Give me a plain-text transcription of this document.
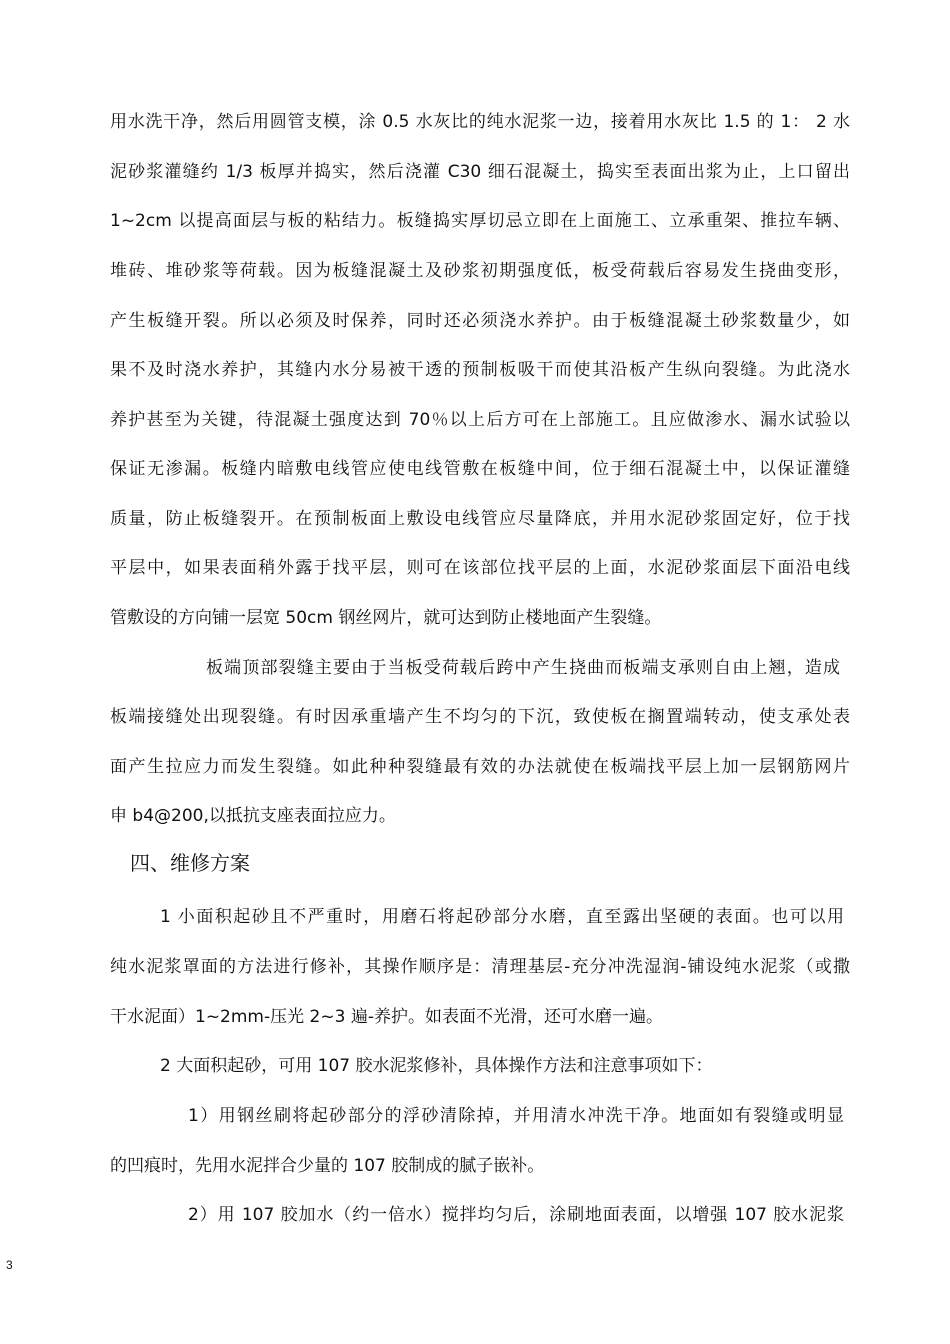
用水洗干净，然后用圆管支模，涂 0.5 水灰比的纯水泥浆一边，接着用水灰比 1.5 的 1： 2 水
泥砂浆灌缝约 1/3 板厚并捣实，然后浇灌 C30 细石混凝土，捣实至表面出浆为止，上口留出
1~2cm 以提高面层与板的粘结力。板缝捣实厚切忌立即在上面施工、立承重架、推拉车辆、
堆砖、堆砂浆等荷载。因为板缝混凝土及砂浆初期强度低，板受荷载后容易发生挠曲变形，
产生板缝开裂。所以必须及时保养，同时还必须浇水养护。由于板缝混凝土砂浆数量少，如
果不及时浇水养护，其缝内水分易被干透的预制板吸干而使其沿板产生纵向裂缝。为此浇水
养护甚至为关键，待混凝土强度达到 70％以上后方可在上部施工。且应做渗水、漏水试验以
保证无渗漏。板缝内暗敷电线管应使电线管敷在板缝中间，位于细石混凝土中，以保证灌缝
质量，防止板缝裂开。在预制板面上敷设电线管应尽量降底，并用水泥砂浆固定好，位于找
平层中，如果表面稍外露于找平层，则可在该部位找平层的上面，水泥砂浆面层下面沿电线
管敷设的方向铺一层宽 50cm 钢丝网片，就可达到防止楼地面产生裂缝。
板端顶部裂缝主要由于当板受荷载后跨中产生挠曲而板端支承则自由上翘，造成
板端接缝处出现裂缝。有时因承重墙产生不均匀的下沉，致使板在搁置端转动，使支承处表
面产生拉应力而发生裂缝。如此种种裂缝最有效的办法就使在板端找平层上加一层钢筋网片
申 b4@200,以抵抗支座表面拉应力。
四、维修方案
1 小面积起砂且不严重时，用磨石将起砂部分水磨，直至露出坚硬的表面。也可以用
纯水泥浆罩面的方法进行修补，其操作顺序是：清理基层-充分冲洗湿润-铺设纯水泥浆（或撒
干水泥面）1~2mm-压光 2~3 遍-养护。如表面不光滑，还可水磨一遍。
2 大面积起砂，可用 107 胶水泥浆修补，具体操作方法和注意事项如下：
1）用钢丝刷将起砂部分的浮砂清除掉，并用清水冲洗干净。地面如有裂缝或明显
的凹痕时，先用水泥拌合少量的 107 胶制成的腻子嵌补。
2）用 107 胶加水（约一倍水）搅拌均匀后，涂刷地面表面，以增强 107 胶水泥浆
3
